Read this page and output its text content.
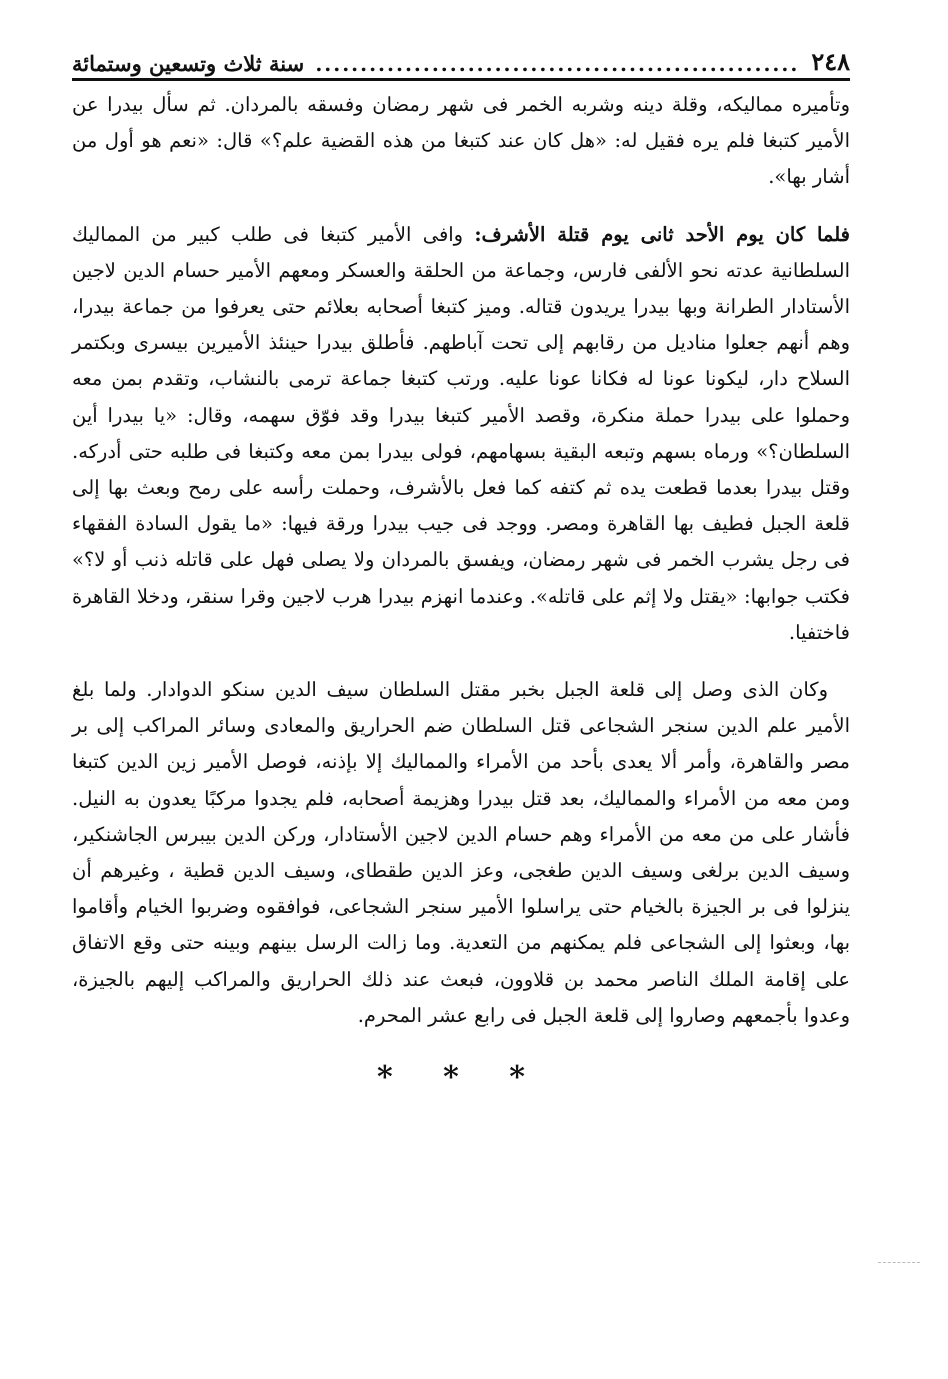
٢٤٨
.....
سنة ثلاث وتسعين وستمائة

وتأميره مماليكه، وقلة دينه وشربه الخمر فى شهر رمضان وفسقه بالمردان. ثم سأل بيدرا عن الأمير كتبغا فلم يره فقيل له: «هل كان عند كتبغا من هذه القضية علم؟» قال: «نعم هو أول من أشار بها».

فلما كان يوم الأحد ثانى يوم قتلة الأشرف: وافى الأمير كتبغا فى طلب كبير من المماليك السلطانية عدته نحو الألفى فارس، وجماعة من الحلقة والعسكر ومعهم الأمير حسام الدين لاجين الأستادار الطرانة وبها بيدرا يريدون قتاله. وميز كتبغا أصحابه بعلائم حتى يعرفوا من جماعة بيدرا، وهم أنهم جعلوا مناديل من رقابهم إلى تحت آباطهم. فأطلق بيدرا حينئذ الأميرين بيسرى وبكتمر السلاح دار، ليكونا عونا له فكانا عونا عليه. ورتب كتبغا جماعة ترمى بالنشاب، وتقدم بمن معه وحملوا على بيدرا حملة منكرة، وقصد الأمير كتبغا بيدرا وقد فوّق سهمه، وقال: «يا بيدرا أين السلطان؟» ورماه بسهم وتبعه البقية بسهامهم، فولى بيدرا بمن معه وكتبغا فى طلبه حتى أدركه. وقتل بيدرا بعدما قطعت يده ثم كتفه كما فعل بالأشرف، وحملت رأسه على رمح وبعث بها إلى قلعة الجبل فطيف بها القاهرة ومصر. ووجد فى جيب بيدرا ورقة فيها: «ما يقول السادة الفقهاء فى رجل يشرب الخمر فى شهر رمضان، ويفسق بالمردان ولا يصلى فهل على قاتله ذنب أو لا؟» فكتب جوابها: «يقتل ولا إثم على قاتله». وعندما انهزم بيدرا هرب لاجين وقرا سنقر، ودخلا القاهرة فاختفيا.

وكان الذى وصل إلى قلعة الجبل بخبر مقتل السلطان سيف الدين سنكو الدوادار. ولما بلغ الأمير علم الدين سنجر الشجاعى قتل السلطان ضم الحراريق والمعادى وسائر المراكب إلى بر مصر والقاهرة، وأمر ألا يعدى بأحد من الأمراء والمماليك إلا بإذنه، فوصل الأمير زين الدين كتبغا ومن معه من الأمراء والمماليك، بعد قتل بيدرا وهزيمة أصحابه، فلم يجدوا مركبًا يعدون به النيل. فأشار على من معه من الأمراء وهم حسام الدين لاجين الأستادار، وركن الدين بيبرس الجاشنكير، وسيف الدين برلغى وسيف الدين طغجى، وعز الدين طقطاى، وسيف الدين قطية ، وغيرهم أن ينزلوا فى بر الجيزة بالخيام حتى يراسلوا الأمير سنجر الشجاعى، فوافقوه وضربوا الخيام وأقاموا بها، وبعثوا إلى الشجاعى فلم يمكنهم من التعدية. وما زالت الرسل بينهم وبينه حتى وقع الاتفاق على إقامة الملك الناصر محمد بن قلاوون، فبعث عند ذلك الحراريق والمراكب إليهم بالجيزة، وعدوا بأجمعهم وصاروا إلى قلعة الجبل فى رابع عشر المحرم.

* * *
